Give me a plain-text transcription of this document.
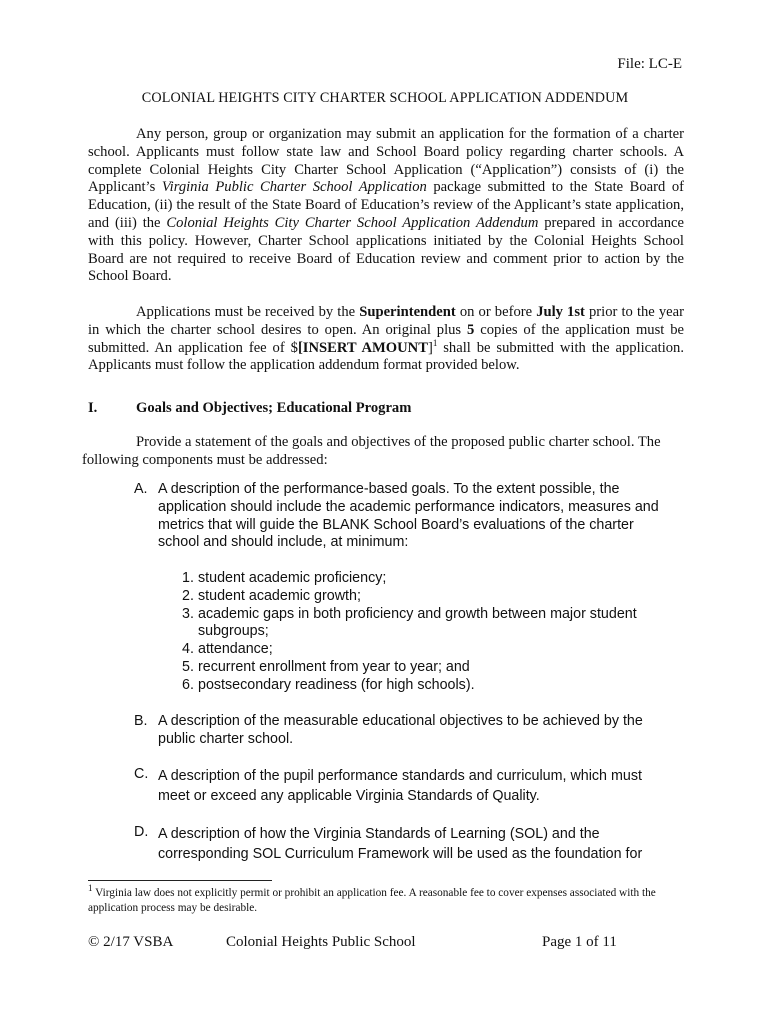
File: LC-E
COLONIAL HEIGHTS CITY CHARTER SCHOOL APPLICATION ADDENDUM
Any person, group or organization may submit an application for the formation of a charter school. Applicants must follow state law and School Board policy regarding charter schools. A complete Colonial Heights City Charter School Application (“Application”) consists of (i) the Applicant’s Virginia Public Charter School Application package submitted to the State Board of Education, (ii) the result of the State Board of Education’s review of the Applicant’s state application, and (iii) the Colonial Heights City Charter School Application Addendum prepared in accordance with this policy. However, Charter School applications initiated by the Colonial Heights School Board are not required to receive Board of Education review and comment prior to action by the School Board.
Applications must be received by the Superintendent on or before July 1st prior to the year in which the charter school desires to open. An original plus 5 copies of the application must be submitted. An application fee of $[INSERT AMOUNT]$^1$ shall be submitted with the application. Applicants must follow the application addendum format provided below.
I.	Goals and Objectives; Educational Program
Provide a statement of the goals and objectives of the proposed public charter school. The following components must be addressed:
A. A description of the performance-based goals. To the extent possible, the application should include the academic performance indicators, measures and metrics that will guide the BLANK School Board’s evaluations of the charter school and should include, at minimum:
1. student academic proficiency;
2. student academic growth;
3. academic gaps in both proficiency and growth between major student subgroups;
4. attendance;
5. recurrent enrollment from year to year; and
6. postsecondary readiness (for high schools).
B. A description of the measurable educational objectives to be achieved by the public charter school.
C. A description of the pupil performance standards and curriculum, which must meet or exceed any applicable Virginia Standards of Quality.
D. A description of how the Virginia Standards of Learning (SOL) and the corresponding SOL Curriculum Framework will be used as the foundation for
$^1$ Virginia law does not explicitly permit or prohibit an application fee. A reasonable fee to cover expenses associated with the application process may be desirable.
© 2/17 VSBA	Colonial Heights Public School	Page 1 of 11
